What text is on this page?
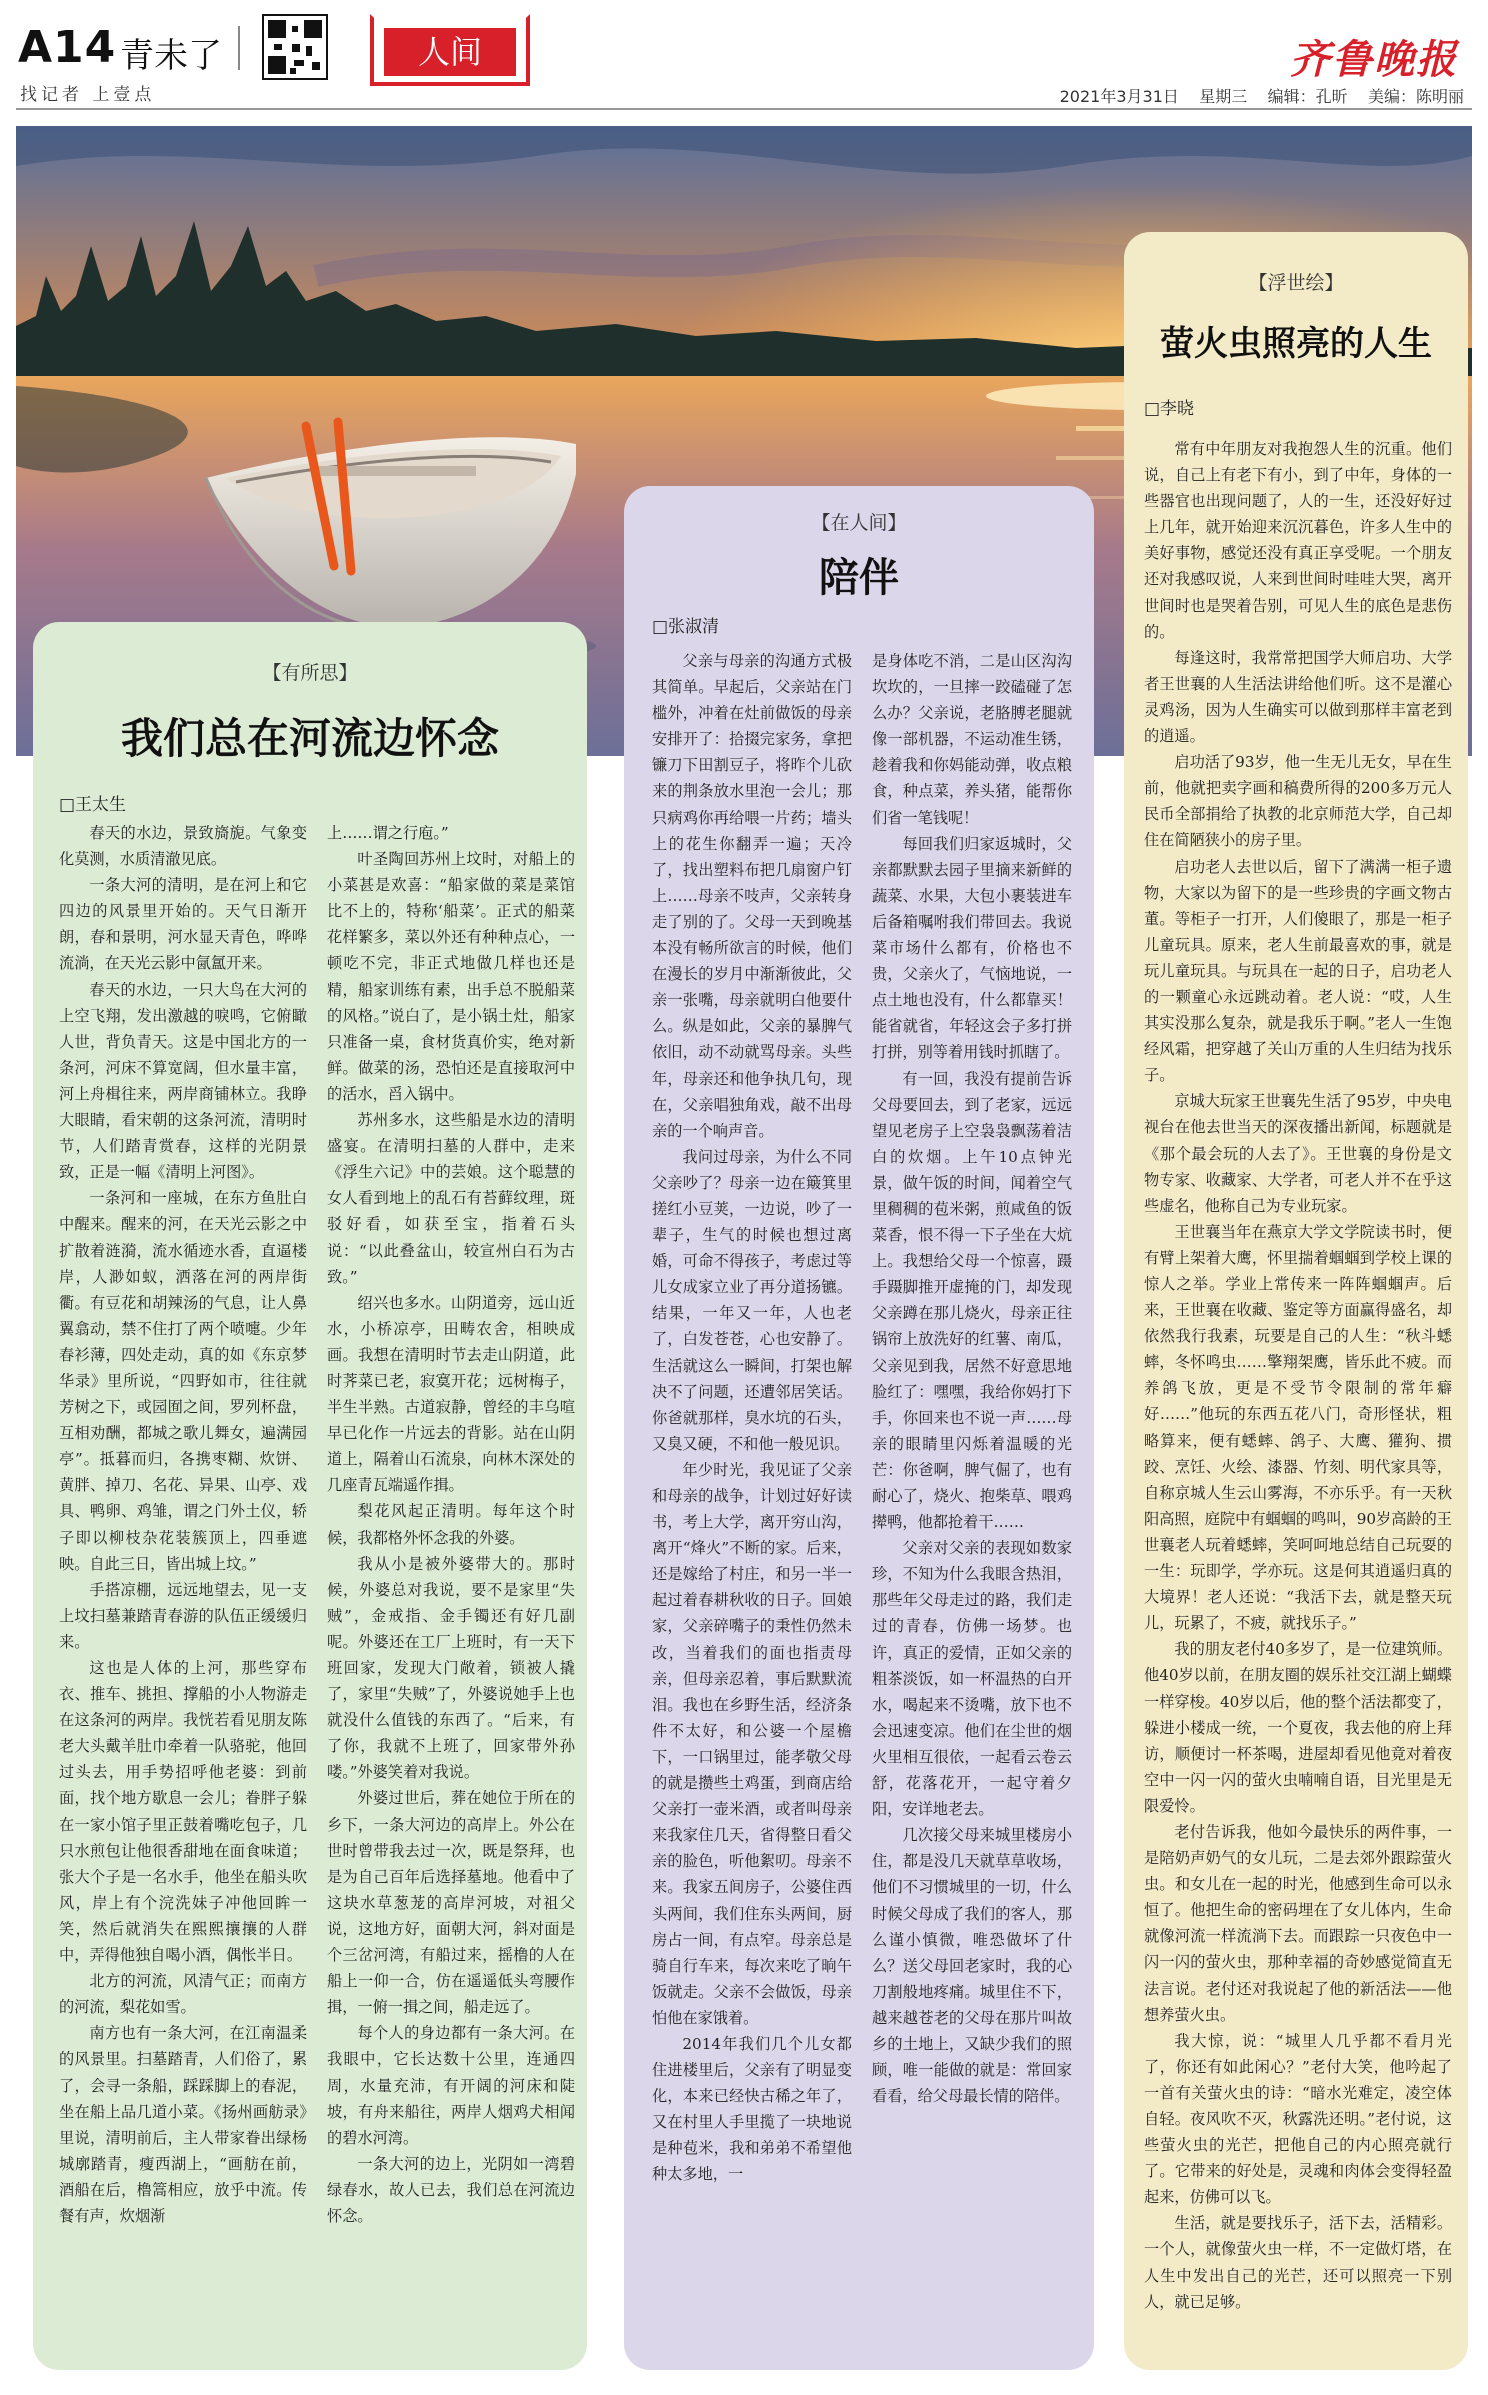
A14 青未了	人间
找记者 上壹点
齐鲁晚报
2021年3月31日 星期三 编辑：孔昕 美编：陈明丽
【有所思】
我们总在河流边怀念
□王太生

春天的水边，景致旖旎。气象变化莫测，水质清澈见底。

一条大河的清明，是在河上和它四边的风景里开始的。天气日渐开朗，春和景明，河水显天青色，哗哗流淌，在天光云影中氤氲开来。

春天的水边，一只大鸟在大河的上空飞翔，发出激越的唳鸣，它俯瞰人世，背负青天。这是中国北方的一条河，河床不算宽阔，但水量丰富，河上舟楫往来，两岸商铺林立。我睁大眼睛，看宋朝的这条河流，清明时节，人们踏青赏春，这样的光阴景致，正是一幅《清明上河图》。

一条河和一座城，在东方鱼肚白中醒来。醒来的河，在天光云影之中扩散着涟漪，流水循迹水香，直逼楼岸，人渺如蚁，洒落在河的两岸街衢。有豆花和胡辣汤的气息，让人鼻翼翕动，禁不住打了两个喷嚏。少年春衫薄，四处走动，真的如《东京梦华录》里所说，“四野如市，往往就芳树之下，或园囿之间，罗列杯盘，互相劝酬，都城之歌儿舞女，遍满园亭”。抵暮而归，各携枣糊、炊饼、黄胖、掉刀、名花、异果、山亭、戏具、鸭卵、鸡雏，谓之门外土仪，轿子即以柳枝杂花装簇顶上，四垂遮映。自此三日，皆出城上坟。”

手搭凉棚，远远地望去，见一支上坟扫墓兼踏青春游的队伍正缓缓归来。

这也是人体的上河，那些穿布衣、推车、挑担、撑船的小人物游走在这条河的两岸。我恍若看见朋友陈老大头戴羊肚巾牵着一队骆驼，他回过头去，用手势招呼他老婆：到前面，找个地方歇息一会儿；眷胖子躲在一家小馆子里正鼓着嘴吃包子，几只水煎包让他很香甜地在面食味道；张大个子是一名水手，他坐在船头吹风，岸上有个浣洗妹子冲他回眸一笑，然后就消失在熙熙攘攘的人群中，弄得他独自喝小酒，偶怅半日。

北方的河流，风清气正；而南方的河流，梨花如雪。

南方也有一条大河，在江南温柔的风景里。扫墓踏青，人们俗了，累了，会寻一条船，踩踩脚上的春泥，坐在船上品几道小菜。《扬州画舫录》里说，清明前后，主人带家眷出绿杨城廓踏青，瘦西湖上，“画舫在前，酒船在后，橹篙相应，放乎中流。传餐有声，炊烟渐

上……谓之行庖。”

叶圣陶回苏州上坟时，对船上的小菜甚是欢喜：“船家做的菜是菜馆比不上的，特称‘船菜’。正式的船菜花样繁多，菜以外还有种种点心，一顿吃不完，非正式地做几样也还是精，船家训练有素，出手总不脱船菜的风格。”说白了，是小锅土灶，船家只准备一桌，食材货真价实，绝对新鲜。做菜的汤，恐怕还是直接取河中的活水，舀入锅中。

苏州多水，这些船是水边的清明盛宴。在清明扫墓的人群中，走来《浮生六记》中的芸娘。这个聪慧的女人看到地上的乱石有苔藓纹理，斑驳好看，如获至宝，指着石头说：“以此叠盆山，较宣州白石为古致。”

绍兴也多水。山阴道旁，远山近水，小桥凉亭，田畴农舍，相映成画。我想在清明时节去走山阴道，此时荠菜已老，寂寞开花；远树梅子，半生半熟。古道寂静，曾经的丰乌喧早已化作一片远去的背影。站在山阴道上，隔着山石流泉，向林木深处的几座青瓦端遥作揖。

梨花风起正清明。每年这个时候，我都格外怀念我的外婆。

我从小是被外婆带大的。那时候，外婆总对我说，要不是家里“失贼”，金戒指、金手镯还有好几副呢。外婆还在工厂上班时，有一天下班回家，发现大门敞着，锁被人撬了，家里“失贼”了，外婆说她手上也就没什么值钱的东西了。“后来，有了你，我就不上班了，回家带外孙喽。”外婆笑着对我说。

外婆过世后，葬在她位于所在的乡下，一条大河边的高岸上。外公在世时曾带我去过一次，既是祭拜，也是为自己百年后选择墓地。他看中了这块水草葱茏的高岸河坡，对祖父说，这地方好，面朝大河，斜对面是个三岔河湾，有船过来，摇橹的人在船上一仰一合，仿在遥遥低头弯腰作揖，一俯一揖之间，船走远了。

每个人的身边都有一条大河。在我眼中，它长达数十公里，连通四周，水量充沛，有开阔的河床和陡坡，有舟来船往，两岸人烟鸡犬相闻的碧水河湾。

一条大河的边上，光阴如一湾碧绿春水，故人已去，我们总在河流边怀念。

【在人间】
陪伴
□张淑清

父亲与母亲的沟通方式极其简单。早起后，父亲站在门槛外，冲着在灶前做饭的母亲安排开了：拾掇完家务，拿把镰刀下田割豆子，将昨个儿砍来的荆条放水里泡一会儿；那只病鸡你再给喂一片药；墙头上的花生你翻弄一遍；天冷了，找出塑料布把几扇窗户钉上……母亲不吱声，父亲转身走了别的了。父母一天到晚基本没有畅所欲言的时候，他们在漫长的岁月中渐渐彼此，父亲一张嘴，母亲就明白他要什么。纵是如此，父亲的暴脾气依旧，动不动就骂母亲。头些年，母亲还和他争执几句，现在，父亲唱独角戏，敲不出母亲的一个响声音。

我问过母亲，为什么不同父亲吵了？母亲一边在簸箕里搓红小豆荚，一边说，吵了一辈子，生气的时候也想过离婚，可命不得孩子，考虑过等儿女成家立业了再分道扬镳。结果，一年又一年，人也老了，白发苍苍，心也安静了。生活就这么一瞬间，打架也解决不了问题，还遭邻居笑话。你爸就那样，臭水坑的石头，又臭又硬，不和他一般见识。

年少时光，我见证了父亲和母亲的战争，计划过好好读书，考上大学，离开穷山沟，离开“烽火”不断的家。后来，还是嫁给了村庄，和另一半一起过着春耕秋收的日子。回娘家，父亲碎嘴子的秉性仍然未改，当着我们的面也指责母亲，但母亲忍着，事后默默流泪。我也在乡野生活，经济条件不太好，和公婆一个屋檐下，一口锅里过，能孝敬父母的就是攒些土鸡蛋，到商店给父亲打一壶米酒，或者叫母亲来我家住几天，省得整日看父亲的脸色，听他絮叨。母亲不来。我家五间房子，公婆住西头两间，我们住东头两间，厨房占一间，有点窄。母亲总是骑自行车来，每次来吃了晌午饭就走。父亲不会做饭，母亲怕他在家饿着。

2014年我们几个儿女都住进楼里后，父亲有了明显变化，本来已经快古稀之年了，又在村里人手里揽了一块地说是种苞米，我和弟弟不希望他种太多地，一

是身体吃不消，二是山区沟沟坎坎的，一旦摔一跤磕碰了怎么办？父亲说，老胳膊老腿就像一部机器，不运动准生锈，趁着我和你妈能动弹，收点粮食，种点菜，养头猪，能帮你们省一笔钱呢！

每回我们归家返城时，父亲都默默去园子里摘来新鲜的蔬菜、水果，大包小裹装进车后备箱嘱咐我们带回去。我说菜市场什么都有，价格也不贵，父亲火了，气恼地说，一点土地也没有，什么都靠买！能省就省，年轻这会子多打拼打拼，别等着用钱时抓瞎了。

有一回，我没有提前告诉父母要回去，到了老家，远远望见老房子上空袅袅飘荡着洁白的炊烟。上午10点钟光景，做午饭的时间，闻着空气里稠稠的苞米粥，煎咸鱼的饭菜香，恨不得一下子坐在大炕上。我想给父母一个惊喜，蹑手蹑脚推开虚掩的门，却发现父亲蹲在那儿烧火，母亲正往锅帘上放洗好的红薯、南瓜，父亲见到我，居然不好意思地脸红了：嘿嘿，我给你妈打下手，你回来也不说一声……母亲的眼睛里闪烁着温暖的光芒：你爸啊，脾气倔了，也有耐心了，烧火、抱柴草、喂鸡撵鸭，他都抢着干……

父亲对父亲的表现如数家珍，不知为什么我眼含热泪，那些年父母走过的路，我们走过的青春，仿佛一场梦。也许，真正的爱情，正如父亲的粗茶淡饭，如一杯温热的白开水，喝起来不烫嘴，放下也不会迅速变凉。他们在尘世的烟火里相互很依，一起看云卷云舒，花落花开，一起守着夕阳，安详地老去。

几次接父母来城里楼房小住，都是没几天就草草收场，他们不习惯城里的一切，什么时候父母成了我们的客人，那么谨小慎微，唯恐做坏了什么？送父母回老家时，我的心刀割般地疼痛。城里住不下，越来越苍老的父母在那片叫故乡的土地上，又缺少我们的照顾，唯一能做的就是：常回家看看，给父母最长情的陪伴。

【浮世绘】
萤火虫照亮的人生
□李晓

常有中年朋友对我抱怨人生的沉重。他们说，自己上有老下有小，到了中年，身体的一些器官也出现问题了，人的一生，还没好好过上几年，就开始迎来沉沉暮色，许多人生中的美好事物，感觉还没有真正享受呢。一个朋友还对我感叹说，人来到世间时哇哇大哭，离开世间时也是哭着告别，可见人生的底色是悲伤的。

每逢这时，我常常把国学大师启功、大学者王世襄的人生活法讲给他们听。这不是灌心灵鸡汤，因为人生确实可以做到那样丰富老到的逍遥。

启功活了93岁，他一生无儿无女，早在生前，他就把卖字画和稿费所得的200多万元人民币全部捐给了执教的北京师范大学，自己却住在简陋狭小的房子里。

启功老人去世以后，留下了满满一柜子遗物，大家以为留下的是一些珍贵的字画文物古董。等柜子一打开，人们傻眼了，那是一柜子儿童玩具。原来，老人生前最喜欢的事，就是玩儿童玩具。与玩具在一起的日子，启功老人的一颗童心永远跳动着。老人说：“哎，人生其实没那么复杂，就是我乐于啊。”老人一生饱经风霜，把穿越了关山万重的人生归结为找乐子。

京城大玩家王世襄先生活了95岁，中央电视台在他去世当天的深夜播出新闻，标题就是《那个最会玩的人去了》。王世襄的身份是文物专家、收藏家、大学者，可老人并不在乎这些虚名，他称自己为专业玩家。

王世襄当年在燕京大学文学院读书时，便有臂上架着大鹰，怀里揣着蝈蝈到学校上课的惊人之举。学业上常传来一阵阵蝈蝈声。后来，王世襄在收藏、鉴定等方面赢得盛名，却依然我行我素，玩要是自己的人生：“秋斗蟋蟀，冬怀鸣虫……擎翔架鹰，皆乐此不疲。而养鸽飞放，更是不受节令限制的常年癖好……”他玩的东西五花八门，奇形怪状，粗略算来，便有蟋蟀、鸽子、大鹰、獾狗、掼跤、烹饪、火绘、漆器、竹刻、明代家具等，自称京城人生云山雾海，不亦乐乎。有一天秋阳高照，庭院中有蝈蝈的鸣叫，90岁高龄的王世襄老人玩着蟋蟀，笑呵呵地总结自己玩耍的一生：玩即学，学亦玩。这是何其逍遥归真的大境界！老人还说：“我活下去，就是整天玩儿，玩累了，不疲，就找乐子。”

我的朋友老付40多岁了，是一位建筑师。他40岁以前，在朋友圈的娱乐社交江湖上蝴蝶一样穿梭。40岁以后，他的整个活法都变了，躲进小楼成一统，一个夏夜，我去他的府上拜访，顺便讨一杯茶喝，进屋却看见他竟对着夜空中一闪一闪的萤火虫喃喃自语，目光里是无限爱怜。

老付告诉我，他如今最快乐的两件事，一是陪奶声奶气的女儿玩，二是去郊外跟踪萤火虫。和女儿在一起的时光，他感到生命可以永恒了。他把生命的密码埋在了女儿体内，生命就像河流一样流淌下去。而跟踪一只夜色中一闪一闪的萤火虫，那种幸福的奇妙感觉简直无法言说。老付还对我说起了他的新活法——他想养萤火虫。

我大惊，说：“城里人几乎都不看月光了，你还有如此闲心？”老付大笑，他吟起了一首有关萤火虫的诗：“暗水光难定，凌空体自轻。夜风吹不灭，秋露洗还明。”老付说，这些萤火虫的光芒，把他自己的内心照亮就行了。它带来的好处是，灵魂和肉体会变得轻盈起来，仿佛可以飞。

生活，就是要找乐子，活下去，活精彩。一个人，就像萤火虫一样，不一定做灯塔，在人生中发出自己的光芒，还可以照亮一下别人，就已足够。
